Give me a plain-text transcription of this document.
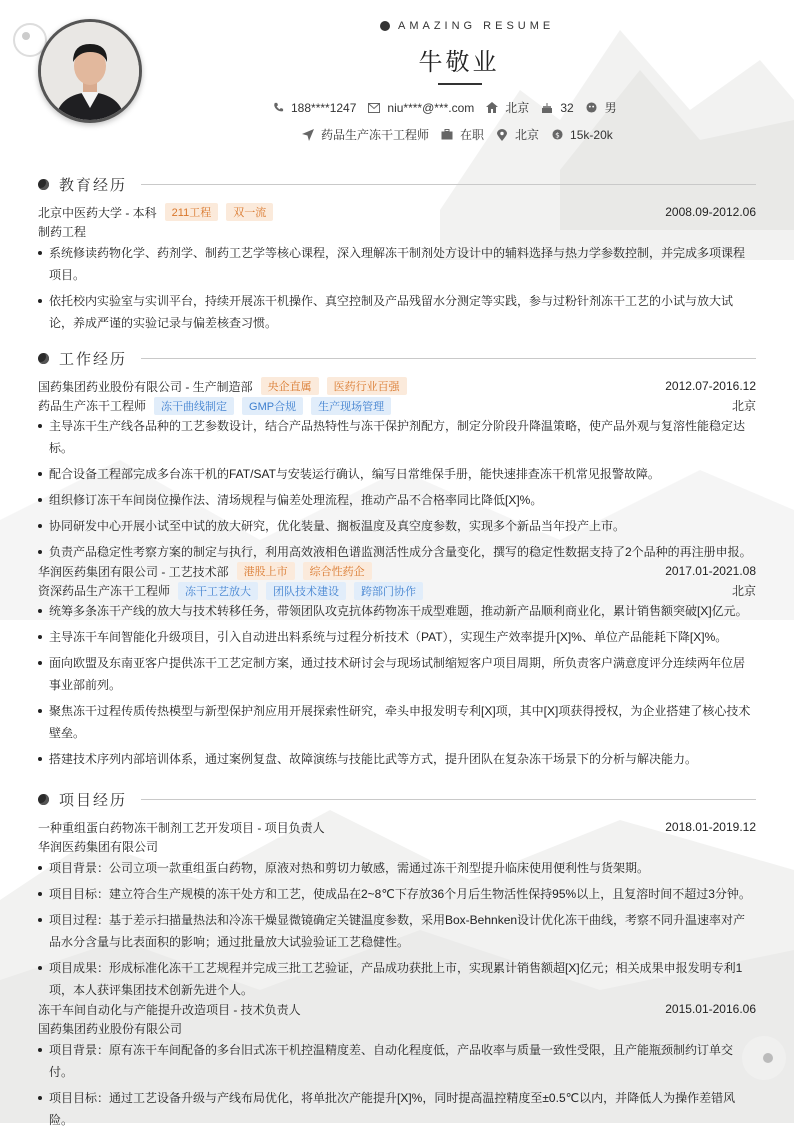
AMAZING RESUME
牛敬业
188****1247	niu****@***.com	北京	32	男
药品生产冻干工程师	在职	北京 $ 15k-20k
教育经历
北京中医药大学 - 本科	211工程	双一流	2008.09-2012.06
制药工程
系统修读药物化学、药剂学、制药工艺学等核心课程，深入理解冻干制剂处方设计中的辅料选择与热力学参数控制，并完成多项课程项目。
依托校内实验室与实训平台，持续开展冻干机操作、真空控制及产品残留水分测定等实践，参与过粉针剂冻干工艺的小试与放大试论，养成严谨的实验记录与偏差核查习惯。
工作经历
国药集团药业股份有限公司 - 生产制造部	央企直属	医药行业百强	2012.07-2016.12
药品生产冻干工程师	冻干曲线制定	GMP合规	生产现场管理	北京
主导冻干生产线各品种的工艺参数设计，结合产品热特性与冻干保护剂配方，制定分阶段升降温策略，使产品外观与复溶性能稳定达标。
配合设备工程部完成多台冻干机的FAT/SAT与安装运行确认，编写日常维保手册，能快速排查冻干机常见报警故障。
组织修订冻干车间岗位操作法、清场规程与偏差处理流程，推动产品不合格率同比降低[X]%。
协同研发中心开展小试至中试的放大研究，优化装量、搁板温度及真空度参数，实现多个新品当年投产上市。
负责产品稳定性考察方案的制定与执行，利用高效液相色谱监测活性成分含量变化，撰写的稳定性数据支持了2个品种的再注册申报。
华润医药集团有限公司 - 工艺技术部	港股上市	综合性药企	2017.01-2021.08
资深药品生产冻干工程师	冻干工艺放大	团队技术建设	跨部门协作	北京
统筹多条冻干产线的放大与技术转移任务，带领团队攻克抗体药物冻干成型难题，推动新产品顺利商业化，累计销售额突破[X]亿元。
主导冻干车间智能化升级项目，引入自动进出料系统与过程分析技术（PAT），实现生产效率提升[X]%、单位产品能耗下降[X]%。
面向欧盟及东南亚客户提供冻干工艺定制方案，通过技术研讨会与现场试制缩短客户项目周期，所负责客户满意度评分连续两年位居事业部前列。
聚焦冻干过程传质传热模型与新型保护剂应用开展探索性研究，牵头申报发明专利[X]项，其中[X]项获得授权，为企业搭建了核心技术壁垒。
搭建技术序列内部培训体系，通过案例复盘、故障演练与技能比武等方式，提升团队在复杂冻干场景下的分析与解决能力。
项目经历
一种重组蛋白药物冻干制剂工艺开发项目 - 项目负责人	2018.01-2019.12
华润医药集团有限公司
项目背景：公司立项一款重组蛋白药物，原液对热和剪切力敏感，需通过冻干剂型提升临床使用便利性与货架期。
项目目标：建立符合生产规模的冻干处方和工艺，使成品在2~8℃下存放36个月后生物活性保持95%以上，且复溶时间不超过3分钟。
项目过程：基于差示扫描量热法和冷冻干燥显微镜确定关键温度参数，采用Box-Behnken设计优化冻干曲线，考察不同升温速率对产品水分含量与比表面积的影响；通过批量放大试验验证工艺稳健性。
项目成果：形成标准化冻干工艺规程并完成三批工艺验证，产品成功获批上市，实现累计销售额超[X]亿元；相关成果申报发明专利1项，本人获评集团技术创新先进个人。
冻干车间自动化与产能提升改造项目 - 技术负责人	2015.01-2016.06
国药集团药业股份有限公司
项目背景：原有冻干车间配备的多台旧式冻干机控温精度差、自动化程度低，产品收率与质量一致性受限，且产能瓶颈制约订单交付。
项目目标：通过工艺设备升级与产线布局优化，将单批次产能提升[X]%，同时提高温控精度至±0.5℃以内，并降低人为操作差错风险。
